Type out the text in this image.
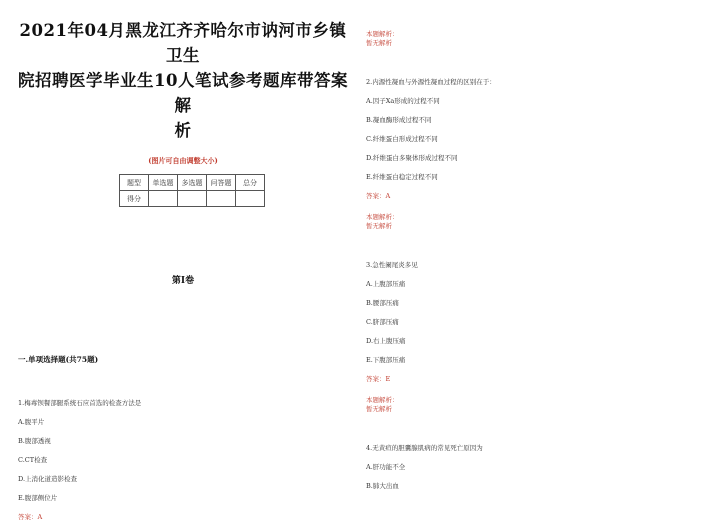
2021年04月黑龙江齐齐哈尔市讷河市乡镇卫生
院招聘医学毕业生10人笔试参考题库带答案解
析
(图片可自由调整大小)
题型	单选题	多选题	问答题	总分
得分				
第I卷
一.单项选择题(共75题)
1.梅毒钡餐部腿系统石应首选的检查方法是
A.腹平片
B.腹部透视
C.CT检查
D.上消化道造影检查
E.腹部侧位片
答案：A
本题解析：
暂无解析
2.内源性凝血与外源性凝血过程的区别在于：
A.因子Xa形成的过程不同
B.凝血酶形成过程不同
C.纤维蛋白形成过程不同
D.纤维蛋白多聚体形成过程不同
E.纤维蛋白稳定过程不同
答案：A
本题解析：
暂无解析
3.急性阑尾炎多见
A.上腹部压痛
B.腰部压痛
C.脐部压痛
D.右上腹压痛
E.下腹部压痛
答案：E
本题解析：
暂无解析
4.无黄疸的胆囊腺肌病的常见死亡原因为
A.肝功能不全
B.肺大出血
